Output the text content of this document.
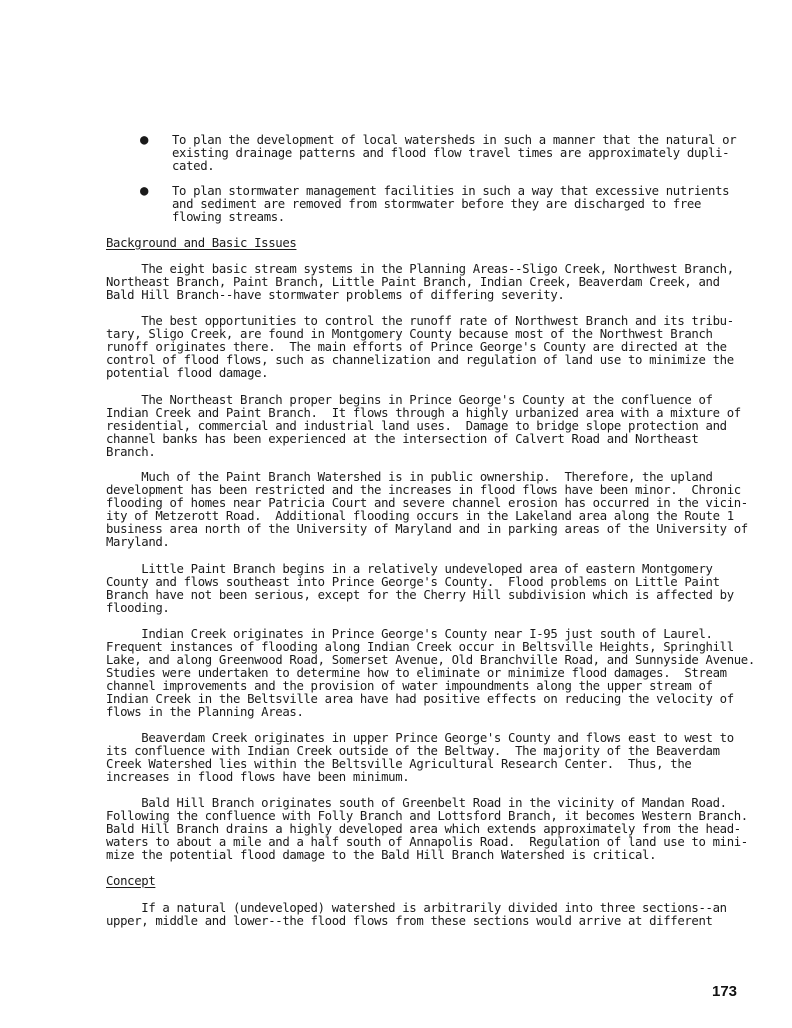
● To plan the development of local watersheds in such a manner that the natural or
existing drainage patterns and flood flow travel times are approximately dupli-
cated.
● To plan stormwater management facilities in such a way that excessive nutrients
and sediment are removed from stormwater before they are discharged to free
flowing streams.
Background and Basic Issues
The eight basic stream systems in the Planning Areas--Sligo Creek, Northwest Branch,
Northeast Branch, Paint Branch, Little Paint Branch, Indian Creek, Beaverdam Creek, and
Bald Hill Branch--have stormwater problems of differing severity.
The best opportunities to control the runoff rate of Northwest Branch and its tribu-
tary, Sligo Creek, are found in Montgomery County because most of the Northwest Branch
runoff originates there.  The main efforts of Prince George's County are directed at the
control of flood flows, such as channelization and regulation of land use to minimize the
potential flood damage.
The Northeast Branch proper begins in Prince George's County at the confluence of
Indian Creek and Paint Branch.  It flows through a highly urbanized area with a mixture of
residential, commercial and industrial land uses.  Damage to bridge slope protection and
channel banks has been experienced at the intersection of Calvert Road and Northeast
Branch.
Much of the Paint Branch Watershed is in public ownership.  Therefore, the upland
development has been restricted and the increases in flood flows have been minor.  Chronic
flooding of homes near Patricia Court and severe channel erosion has occurred in the vicin-
ity of Metzerott Road.  Additional flooding occurs in the Lakeland area along the Route 1
business area north of the University of Maryland and in parking areas of the University of
Maryland.
Little Paint Branch begins in a relatively undeveloped area of eastern Montgomery
County and flows southeast into Prince George's County.  Flood problems on Little Paint
Branch have not been serious, except for the Cherry Hill subdivision which is affected by
flooding.
Indian Creek originates in Prince George's County near I-95 just south of Laurel.
Frequent instances of flooding along Indian Creek occur in Beltsville Heights, Springhill
Lake, and along Greenwood Road, Somerset Avenue, Old Branchville Road, and Sunnyside Avenue.
Studies were undertaken to determine how to eliminate or minimize flood damages.  Stream
channel improvements and the provision of water impoundments along the upper stream of
Indian Creek in the Beltsville area have had positive effects on reducing the velocity of
flows in the Planning Areas.
Beaverdam Creek originates in upper Prince George's County and flows east to west to
its confluence with Indian Creek outside of the Beltway.  The majority of the Beaverdam
Creek Watershed lies within the Beltsville Agricultural Research Center.  Thus, the
increases in flood flows have been minimum.
Bald Hill Branch originates south of Greenbelt Road in the vicinity of Mandan Road.
Following the confluence with Folly Branch and Lottsford Branch, it becomes Western Branch.
Bald Hill Branch drains a highly developed area which extends approximately from the head-
waters to about a mile and a half south of Annapolis Road.  Regulation of land use to mini-
mize the potential flood damage to the Bald Hill Branch Watershed is critical.
Concept
If a natural (undeveloped) watershed is arbitrarily divided into three sections--an
upper, middle and lower--the flood flows from these sections would arrive at different
173
